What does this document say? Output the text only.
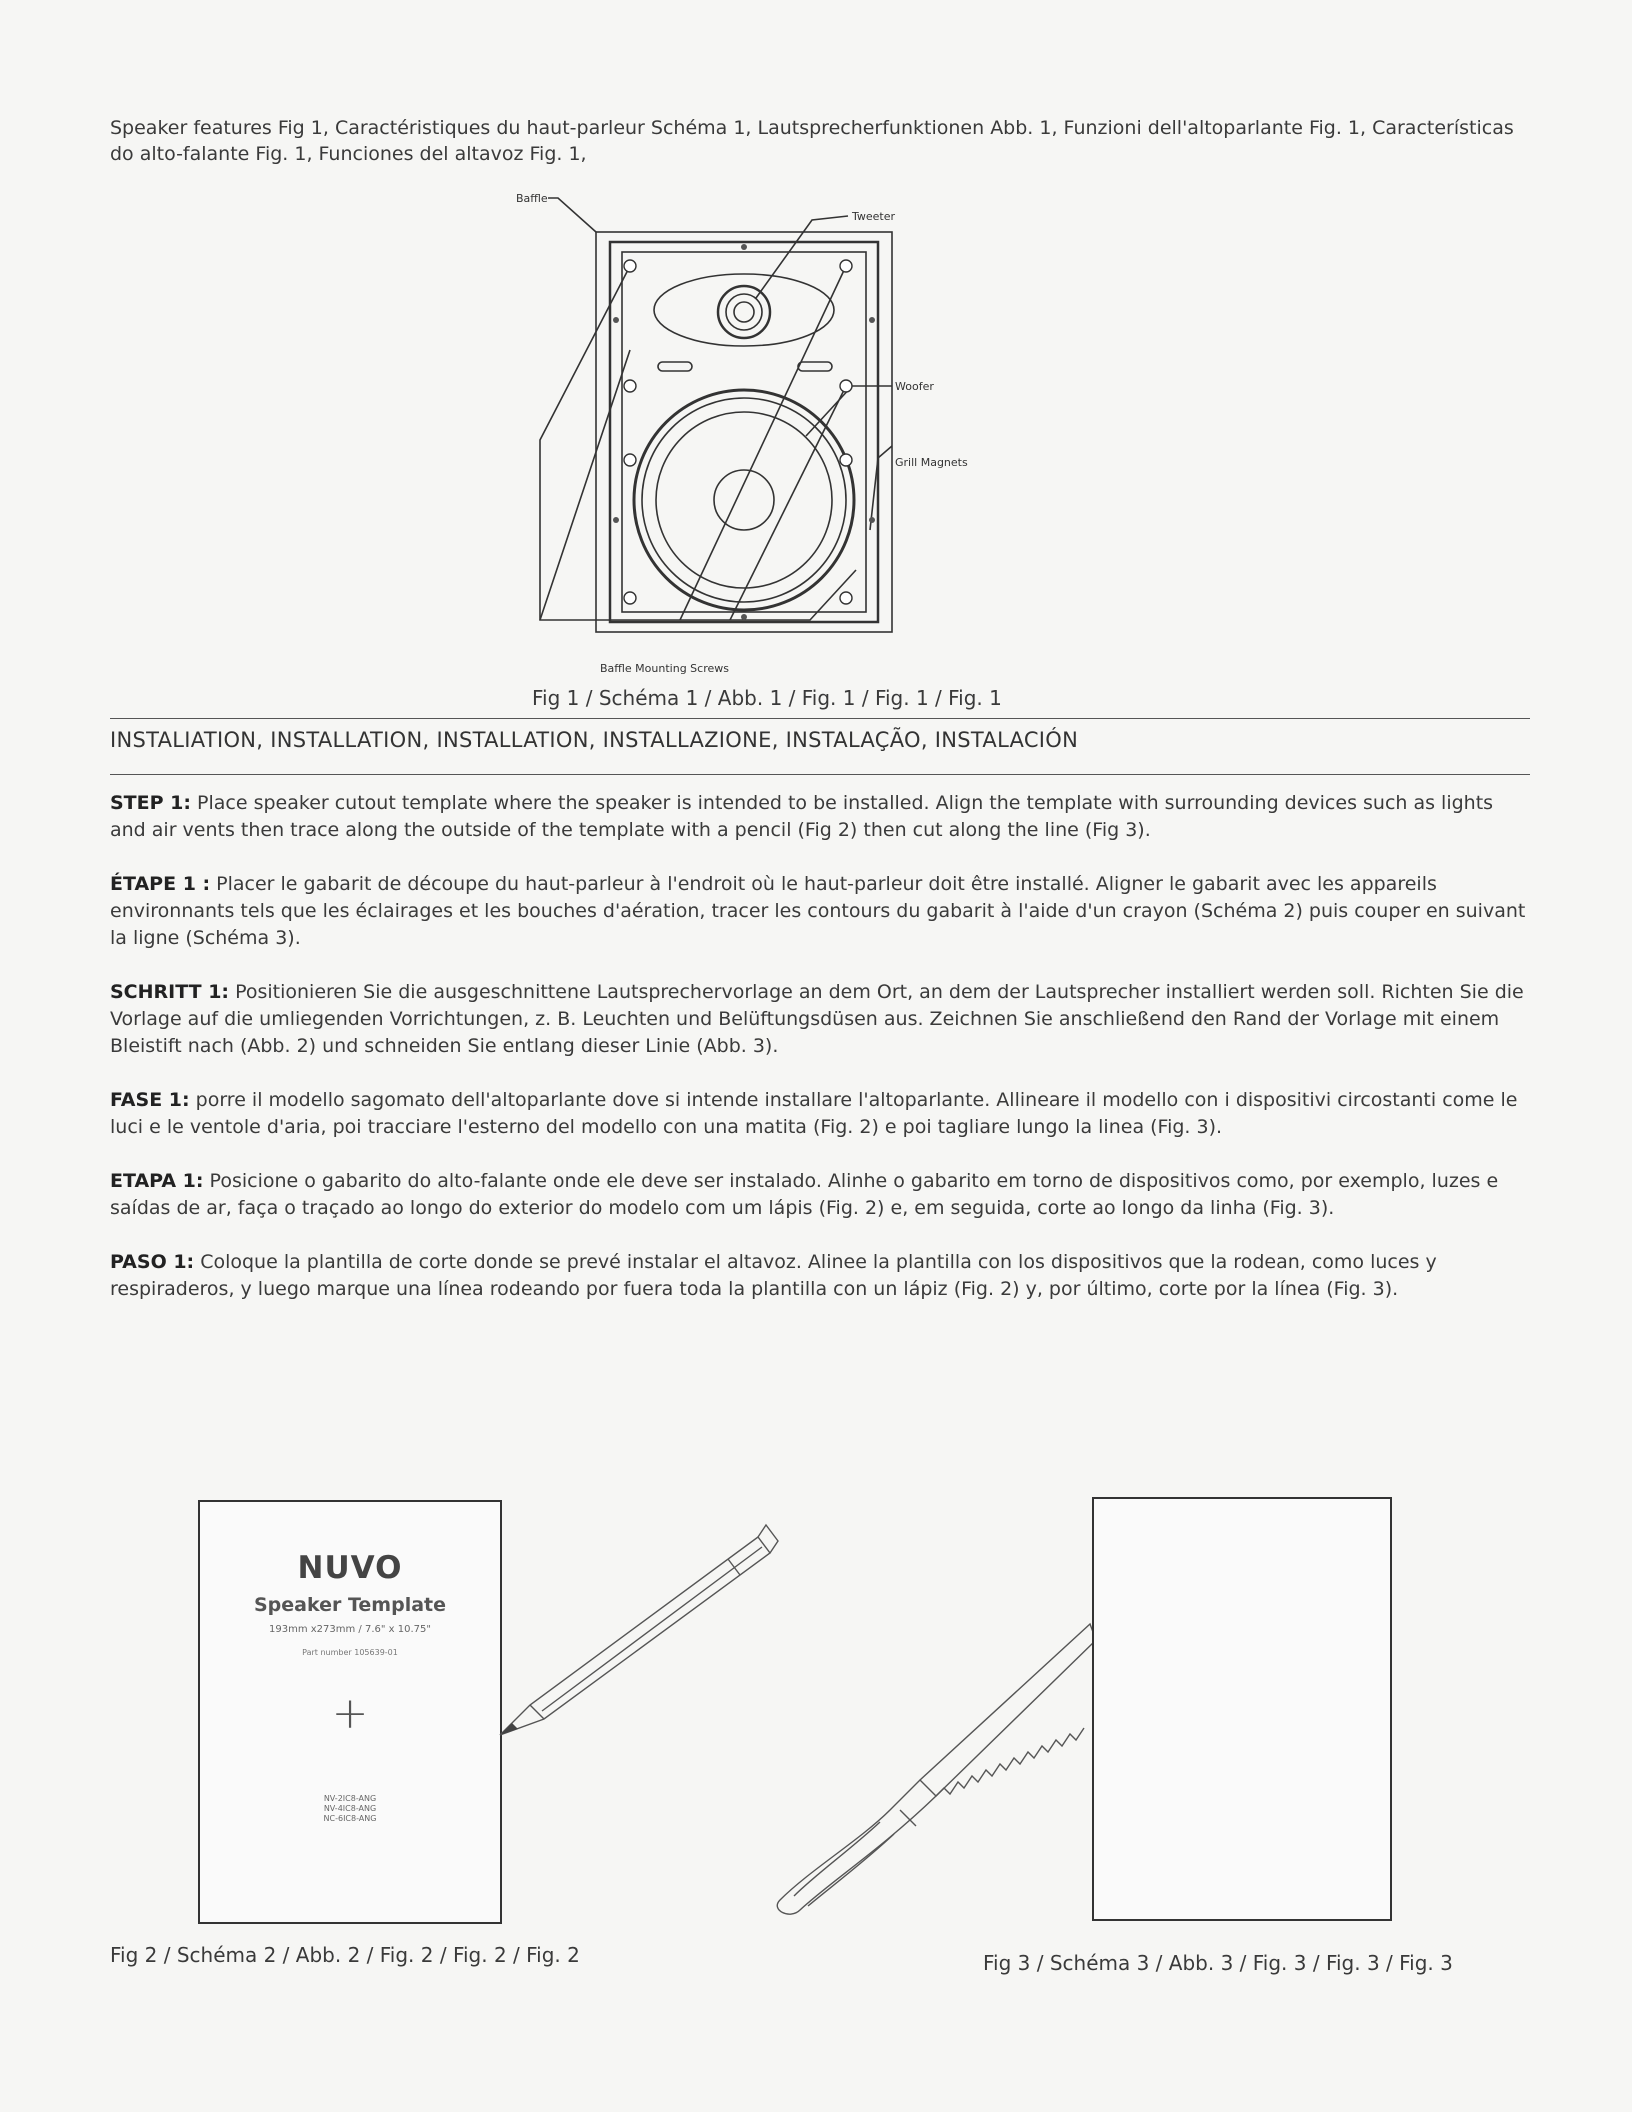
Speaker features Fig 1, Caractéristiques du haut-parleur Schéma 1, Lautsprecherfunktionen Abb. 1, Funzioni dell'altoparlante Fig. 1, Características do alto-falante Fig. 1, Funciones del altavoz Fig. 1,
Baffle
Tweeter
Woofer
Grill Magnets
Baffle Mounting Screws
Fig 1 / Schéma 1 / Abb. 1 / Fig. 1 / Fig. 1 / Fig. 1
INSTALIATION, INSTALLATION, INSTALLATION, INSTALLAZIONE, INSTALAÇÃO, INSTALACIÓN

STEP 1: Place speaker cutout template where the speaker is intended to be installed. Align the template with surrounding devices such as lights and air vents then trace along the outside of the template with a pencil (Fig 2) then cut along the line (Fig 3).

ÉTAPE 1 : Placer le gabarit de découpe du haut-parleur à l'endroit où le haut-parleur doit être installé. Aligner le gabarit avec les appareils environnants tels que les éclairages et les bouches d'aération, tracer les contours du gabarit à l'aide d'un crayon (Schéma 2) puis couper en suivant la ligne (Schéma 3).

SCHRITT 1: Positionieren Sie die ausgeschnittene Lautsprechervorlage an dem Ort, an dem der Lautsprecher installiert werden soll. Richten Sie die Vorlage auf die umliegenden Vorrichtungen, z. B. Leuchten und Belüftungsdüsen aus. Zeichnen Sie anschließend den Rand der Vorlage mit einem Bleistift nach (Abb. 2) und schneiden Sie entlang dieser Linie (Abb. 3).

FASE 1: porre il modello sagomato dell'altoparlante dove si intende installare l'altoparlante. Allineare il modello con i dispositivi circostanti come le luci e le ventole d'aria, poi tracciare l'esterno del modello con una matita (Fig. 2) e poi tagliare lungo la linea (Fig. 3).

ETAPA 1: Posicione o gabarito do alto-falante onde ele deve ser instalado. Alinhe o gabarito em torno de dispositivos como, por exemplo, luzes e saídas de ar, faça o traçado ao longo do exterior do modelo com um lápis (Fig. 2) e, em seguida, corte ao longo da linha (Fig. 3).

PASO 1: Coloque la plantilla de corte donde se prevé instalar el altavoz. Alinee la plantilla con los dispositivos que la rodean, como luces y respiraderos, y luego marque una línea rodeando por fuera toda la plantilla con un lápiz (Fig. 2) y, por último, corte por la línea (Fig. 3).

NUVO
Speaker Template
193mm x273mm / 7.6" x 10.75"
Part number 105639-01
+
NV-2IC8-ANG
NV-4IC8-ANG
NC-6IC8-ANG
Fig 2 / Schéma 2 / Abb. 2 / Fig. 2 / Fig. 2 / Fig. 2	Fig 3 / Schéma 3 / Abb. 3 / Fig. 3 / Fig. 3 / Fig. 3
